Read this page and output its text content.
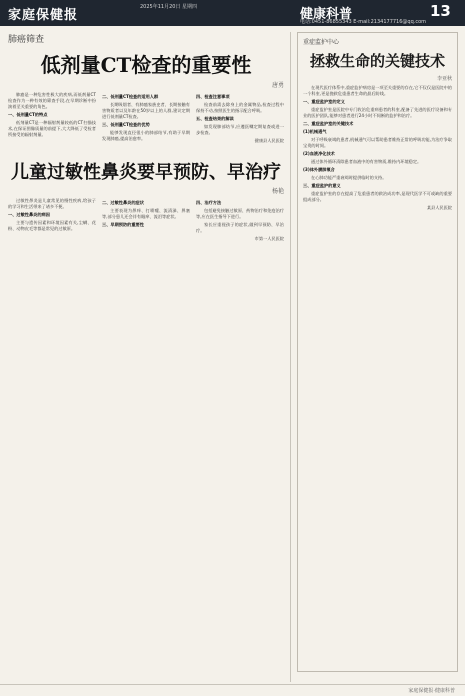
家庭保健报
2025年11月20日 星期四	健康科普	13
电话:0451-86855343 E-mail:2134177716@qq.com
肺癌筛查
低剂量CT检查的重要性
唐勇

肺癌是一种危害性极大的疾病,而低剂量CT检查作为一种有效的筛查手段,在早期诊断中扮演着至关重要的角色。

一、低剂量CT的特点

低剂量CT是一种辐射剂量较低的CT扫描技术,在保证图像质量的前提下,大大降低了受检者所接受的辐射剂量。

二、低剂量CT检查的适用人群

长期吸烟者、有肺癌家族史者、长期接触有害物质者以及年龄在50岁以上的人群,建议定期进行低剂量CT检查。

三、低剂量CT检查的优势

能够发现直径很小的肺部结节,有助于早期发现肺癌,提高治愈率。

四、检查注意事项

检查前需去除身上的金属物品,检查过程中保持不动,按照医生的指示配合呼吸。

五、检查结果的解读

如发现肺部结节,应遵医嘱定期复查或进一步检查。

健康县人民医院

儿童过敏性鼻炎要早预防、早治疗
杨艳

过敏性鼻炎是儿童常见的慢性疾病,给孩子的学习和生活带来了诸多不便。

一、过敏性鼻炎的病因

主要与遗传因素和环境因素有关,尘螨、花粉、动物皮毛等都是常见的过敏原。

二、过敏性鼻炎的症状

主要表现为鼻痒、打喷嚏、流清涕、鼻塞等,部分患儿还会伴有眼痒、流泪等症状。

三、早期预防的重要性
四、治疗方法

包括避免接触过敏原、药物治疗和免疫治疗等,应在医生指导下进行。

家长应重视孩子的症状,做到早预防、早治疗。

市第一人民医院

重症监护中心
拯救生命的关键技术
李亚秋

在现代医疗体系中,重症监护病房是一项至关重要的存在,它不仅仅是医院中的一个科室,更是挽救危重患者生命的最后防线。

一、重症监护室的定义

重症监护室是医院中专门收治危重病患者的科室,配备了先进的医疗设备和专业的医护团队,能够对患者进行24小时不间断的监护和治疗。

二、重症监护室的关键技术
(1)机械通气

对于呼吸衰竭的患者,机械通气可以帮助患者维持正常的呼吸功能,为治疗争取宝贵的时间。

(2)血液净化技术

通过体外循环清除患者血液中的有害物质,维持内环境稳定。

(3)体外膜肺氧合

在心肺功能严重衰竭时提供临时的支持。

三、重症监护的意义

重症监护室的存在提高了危重患者的救治成功率,是现代医学不可或缺的重要组成部分。

某县人民医院

家庭保健报·健康科普
